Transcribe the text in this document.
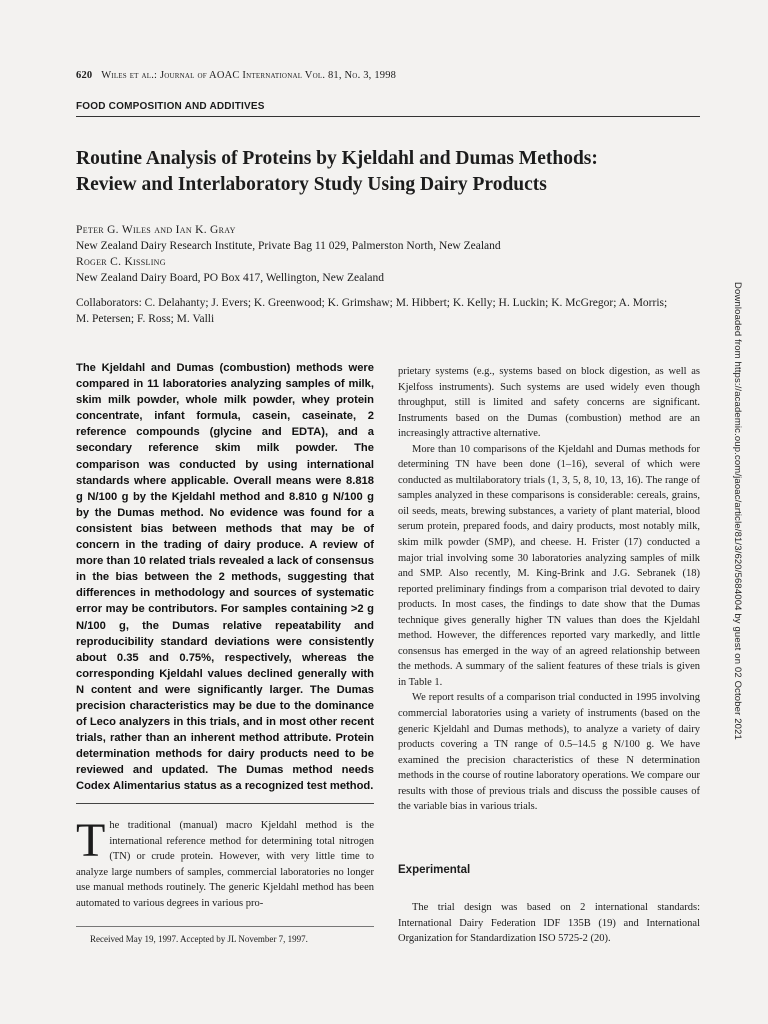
620 Wiles et al.: Journal of AOAC International Vol. 81, No. 3, 1998
FOOD COMPOSITION AND ADDITIVES
Routine Analysis of Proteins by Kjeldahl and Dumas Methods:
Review and Interlaboratory Study Using Dairy Products
Peter G. Wiles and Ian K. Gray
New Zealand Dairy Research Institute, Private Bag 11 029, Palmerston North, New Zealand
Roger C. Kissling
New Zealand Dairy Board, PO Box 417, Wellington, New Zealand
Collaborators: C. Delahanty; J. Evers; K. Greenwood; K. Grimshaw; M. Hibbert; K. Kelly; H. Luckin; K. McGregor; A. Morris; M. Petersen; F. Ross; M. Valli
The Kjeldahl and Dumas (combustion) methods were compared in 11 laboratories analyzing samples of milk, skim milk powder, whole milk powder, whey protein concentrate, infant formula, casein, caseinate, 2 reference compounds (glycine and EDTA), and a secondary reference skim milk powder. The comparison was conducted by using international standards where applicable. Overall means were 8.818 g N/100 g by the Kjeldahl method and 8.810 g N/100 g by the Dumas method. No evidence was found for a consistent bias between methods that may be of concern in the trading of dairy produce. A review of more than 10 related trials revealed a lack of consensus in the bias between the 2 methods, suggesting that differences in methodology and sources of systematic error may be contributors. For samples containing >2 g N/100 g, the Dumas relative repeatability and reproducibility standard deviations were consistently about 0.35 and 0.75%, respectively, whereas the corresponding Kjeldahl values declined generally with N content and were significantly larger. The Dumas precision characteristics may be due to the dominance of Leco analyzers in this trials, and in most other recent trials, rather than an inherent method attribute. Protein determination methods for dairy products need to be reviewed and updated. The Dumas method needs Codex Alimentarius status as a recognized test method.
The traditional (manual) macro Kjeldahl method is the international reference method for determining total nitrogen (TN) or crude protein. However, with very little time to analyze large numbers of samples, commercial laboratories no longer use manual methods routinely. The generic Kjeldahl method has been automated to various degrees in various pro-
Received May 19, 1997. Accepted by JL November 7, 1997.

prietary systems (e.g., systems based on block digestion, as well as Kjelfoss instruments). Such systems are used widely even though throughput, still is limited and safety concerns are significant. Instruments based on the Dumas (combustion) method are an increasingly attractive alternative.

More than 10 comparisons of the Kjeldahl and Dumas methods for determining TN have been done (1–16), several of which were conducted as multilaboratory trials (1, 3, 5, 8, 10, 13, 16). The range of samples analyzed in these comparisons is considerable: cereals, grains, oil seeds, meats, brewing substances, a variety of plant material, blood serum protein, prepared foods, and dairy products, most notably milk, skim milk powder (SMP), and cheese. H. Frister (17) conducted a major trial involving some 30 laboratories analyzing samples of milk and SMP. Also recently, M. King-Brink and J.G. Sebranek (18) reported preliminary findings from a comparison trial devoted to dairy products. In most cases, the findings to date show that the Dumas technique gives generally higher TN values than does the Kjeldahl method. However, the differences reported vary markedly, and little consensus has emerged in the way of an agreed relationship between the methods. A summary of the salient features of these trials is given in Table 1.

We report results of a comparison trial conducted in 1995 involving commercial laboratories using a variety of instruments (based on the generic Kjeldahl and Dumas methods), to analyze a variety of dairy products covering a TN range of 0.5–14.5 g N/100 g. We have examined the precision characteristics of these N determination methods in the course of routine laboratory operations. We compare our results with those of previous trials and discuss the possible causes of the variable bias in various trials.

Experimental
The trial design was based on 2 international standards: International Dairy Federation IDF 135B (19) and International Organization for Standardization ISO 5725-2 (20).
Downloaded from https://academic.oup.com/jaoac/article/81/3/620/5684004 by guest on 02 October 2021
